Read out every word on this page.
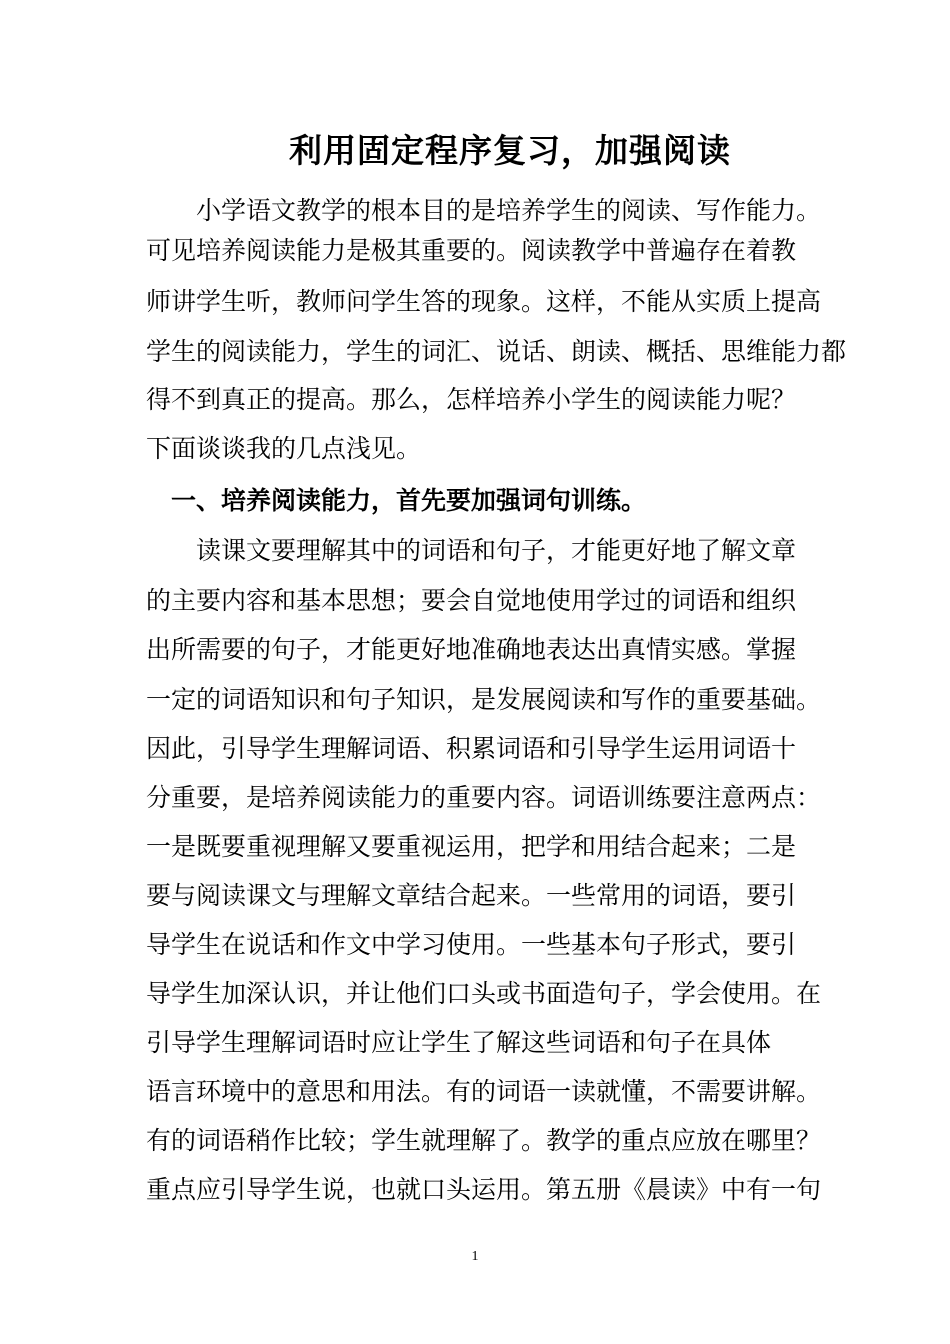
利用固定程序复习，加强阅读
　　小学语文教学的根本目的是培养学生的阅读、写作能力。
可见培养阅读能力是极其重要的。阅读教学中普遍存在着教
师讲学生听，教师问学生答的现象。这样，不能从实质上提高
学生的阅读能力，学生的词汇、说话、朗读、概括、思维能力都
得不到真正的提高。那么，怎样培养小学生的阅读能力呢？
下面谈谈我的几点浅见。
　一、培养阅读能力，首先要加强词句训练。
　　读课文要理解其中的词语和句子，才能更好地了解文章
的主要内容和基本思想；要会自觉地使用学过的词语和组织
出所需要的句子，才能更好地准确地表达出真情实感。掌握
一定的词语知识和句子知识，是发展阅读和写作的重要基础。
因此，引导学生理解词语、积累词语和引导学生运用词语十
分重要，是培养阅读能力的重要内容。词语训练要注意两点：
一是既要重视理解又要重视运用，把学和用结合起来；二是
要与阅读课文与理解文章结合起来。一些常用的词语，要引
导学生在说话和作文中学习使用。一些基本句子形式，要引
导学生加深认识，并让他们口头或书面造句子，学会使用。在
引导学生理解词语时应让学生了解这些词语和句子在具体
语言环境中的意思和用法。有的词语一读就懂，不需要讲解。
有的词语稍作比较；学生就理解了。教学的重点应放在哪里？
重点应引导学生说，也就口头运用。第五册《晨读》中有一句
1
